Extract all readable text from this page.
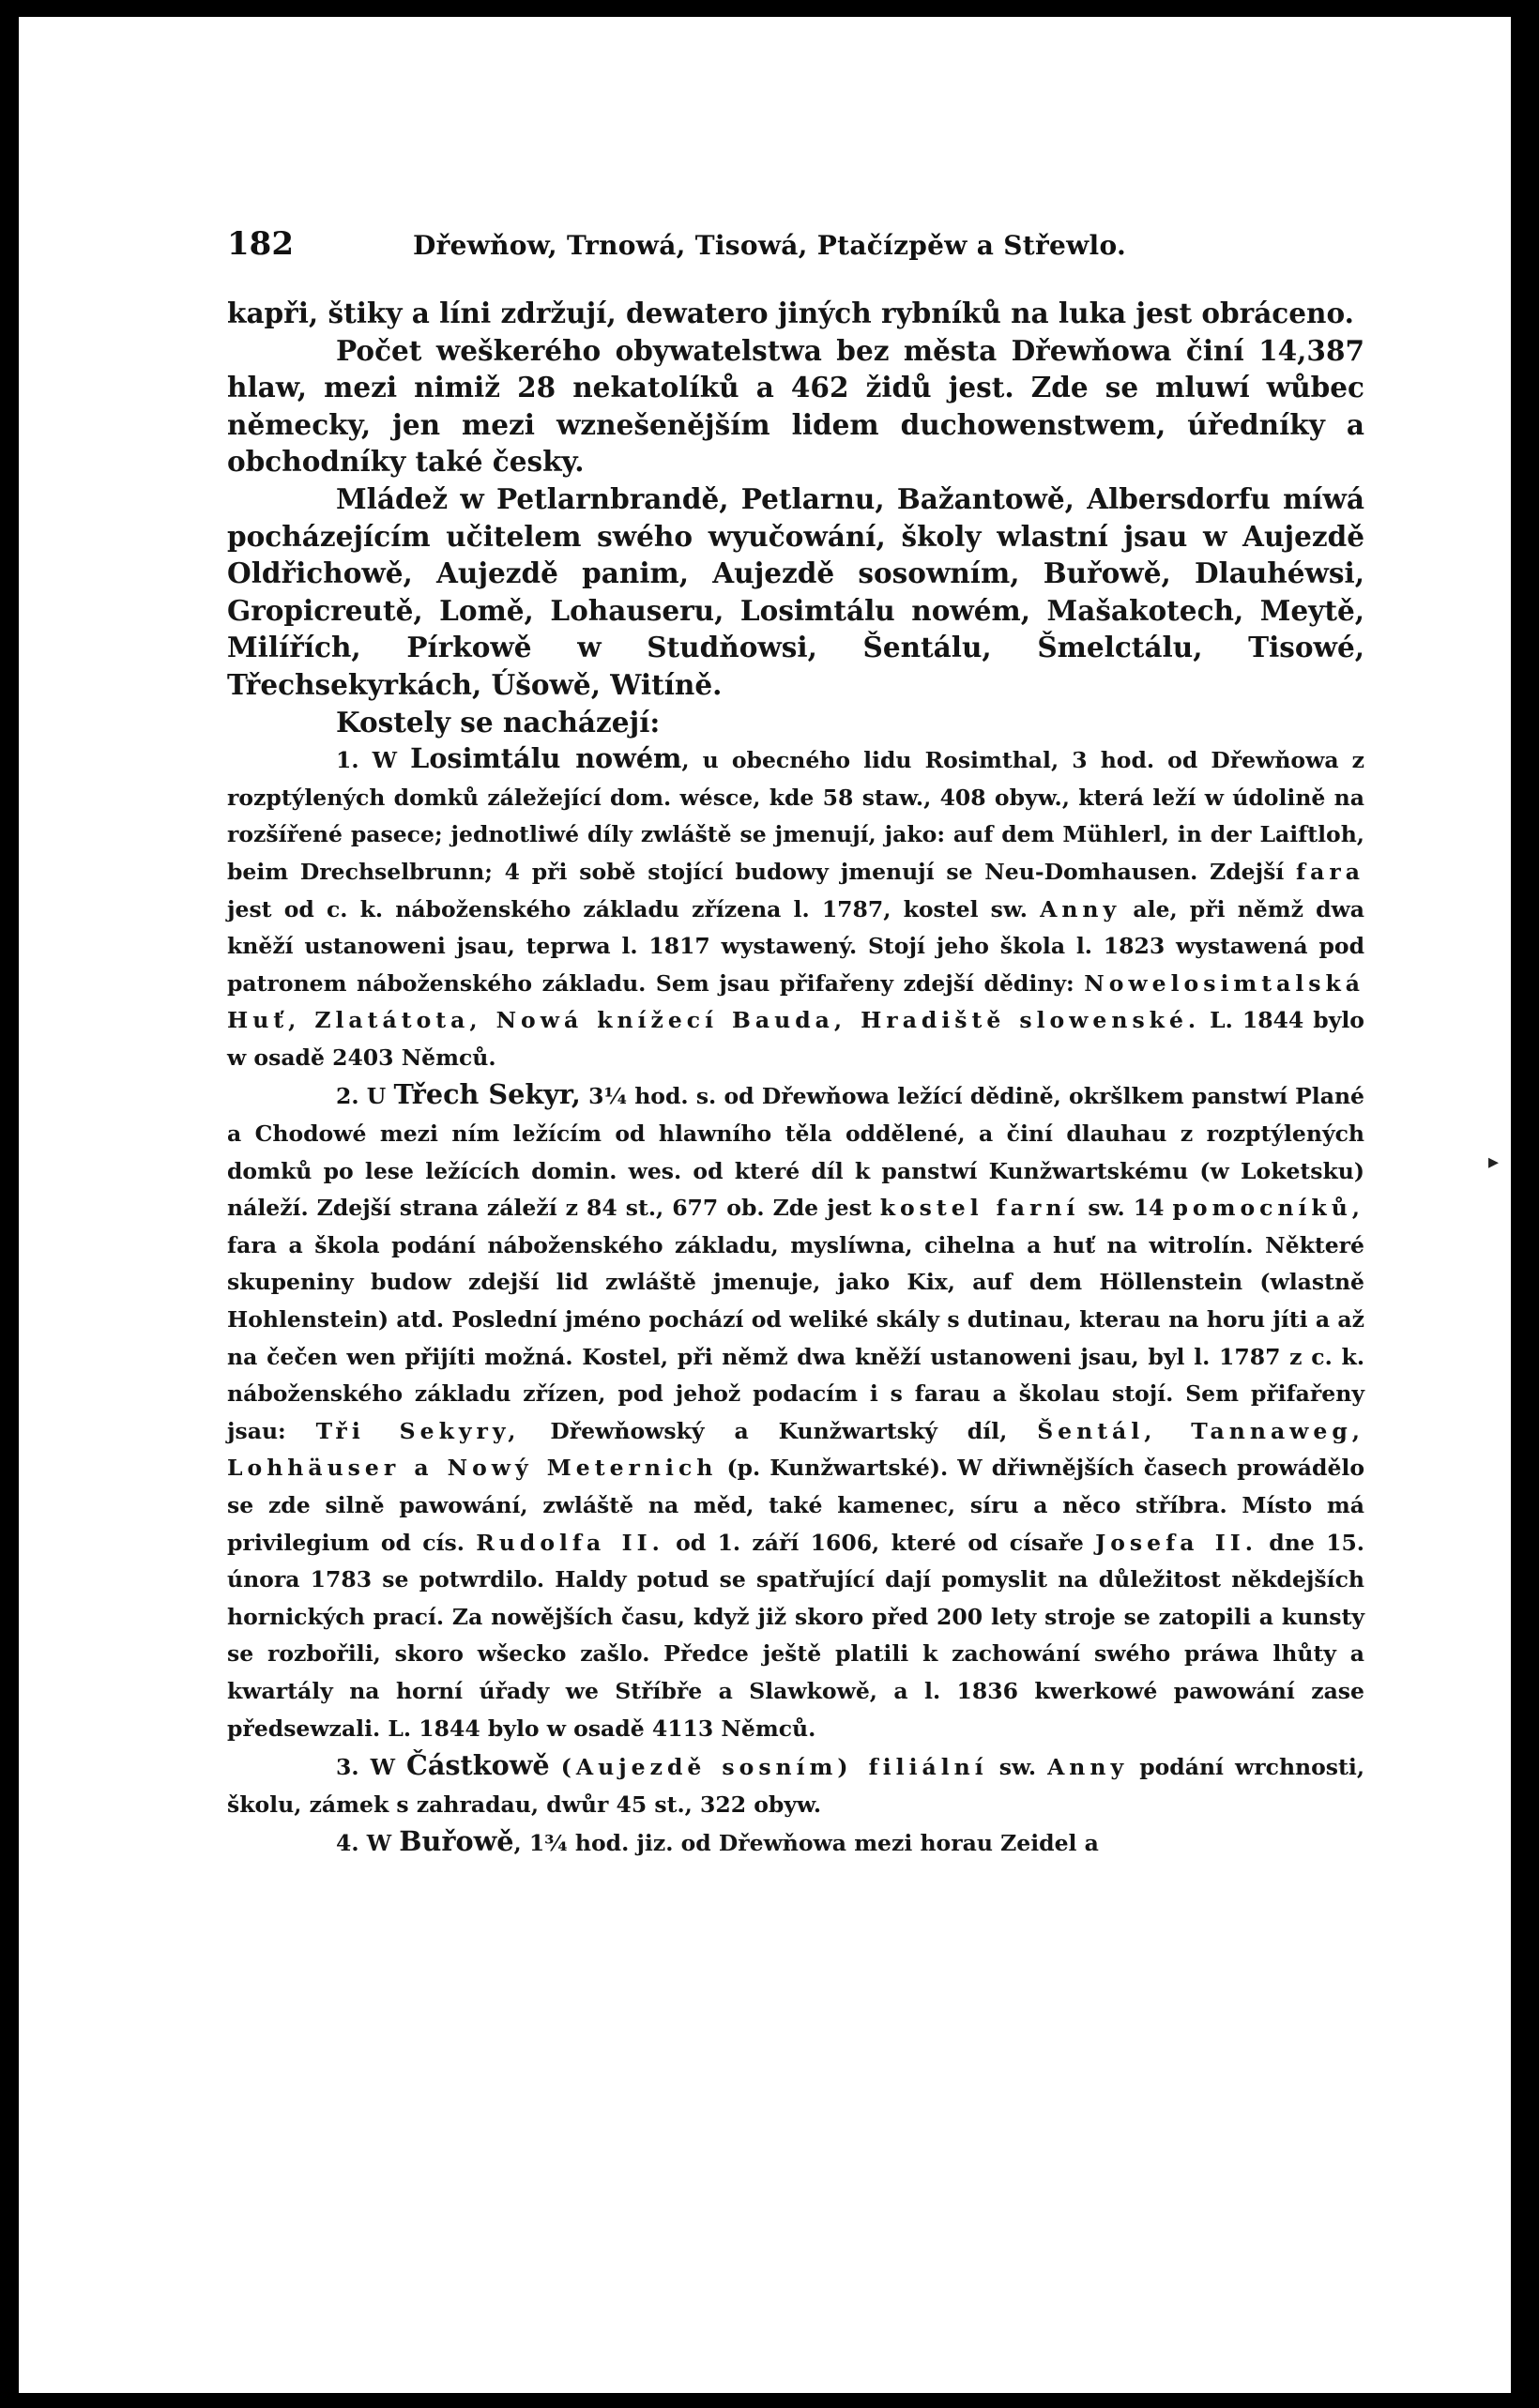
182	Dřewňow, Trnowá, Tisowá, Ptačízpěw a Střewlo.

kapři, štiky a líni zdržují, dewatero jiných rybníků na luka jest obráceno.

Počet weškerého obywatelstwa bez města Dřewňowa činí 14,387 hlaw, mezi nimiž 28 nekatolíků a 462 židů jest. Zde se mluwí wůbec německy, jen mezi wznešenějším lidem duchowenstwem, úředníky a obchodníky také česky.

Mládež w Petlarnbrandě, Petlarnu, Bažantowě, Albersdorfu míwá pocházejícím učitelem swého wyučowání, školy wlastní jsau w Aujezdě Oldřichowě, Aujezdě panim, Aujezdě sosowním, Buřowě, Dlauhéwsi, Gropicreutě, Lomě, Lohauseru, Losimtálu nowém, Mašakotech, Meytě, Milířích, Pírkowě w Studňowsi, Šentálu, Šmelctálu, Tisowé, Třechsekyrkách, Úšowě, Witíně.

Kostely se nacházejí:

1. W Losimtálu nowém, u obecného lidu Rosimthal, 3 hod. od Dřewňowa z rozptýlených domků záležející dom. wésce, kde 58 staw., 408 obyw., která leží w údolině na rozšířené pasece; jednotliwé díly zwláště se jmenují, jako: auf dem Mühlerl, in der Laiftloh, beim Drechselbrunn; 4 při sobě stojící budowy jmenují se Neu-Domhausen. Zdejší fara jest od c. k. náboženského základu zřízena l. 1787, kostel sw. Anny ale, při němž dwa kněží ustanoweni jsau, teprwa l. 1817 wystawený. Stojí jeho škola l. 1823 wystawená pod patronem náboženského základu. Sem jsau přifařeny zdejší dědiny: Nowelosimtalská Huť, Zlatátota, Nowá knížecí Bauda, Hradiště slowenské. L. 1844 bylo w osadě 2403 Němců.

2. U Třech Sekyr, 3¼ hod. s. od Dřewňowa ležící dědině, okršlkem panstwí Plané a Chodowé mezi ním ležícím od hlawního těla oddělené, a činí dlauhau z rozptýlených domků po lese ležících domin. wes. od které díl k panstwí Kunžwartskému (w Loketsku) náleží. Zdejší strana záleží z 84 st., 677 ob. Zde jest kostel farní sw. 14 pomocníků, fara a škola podání náboženského základu, myslíwna, cihelna a huť na witrolín. Některé skupeniny budow zdejší lid zwláště jmenuje, jako Kix, auf dem Höllenstein (wlastně Hohlenstein) atd. Poslední jméno pochází od weliké skály s dutinau, kterau na horu jíti a až na čečen wen přijíti možná. Kostel, při němž dwa kněží ustanoweni jsau, byl l. 1787 z c. k. náboženského základu zřízen, pod jehož podacím i s farau a školau stojí. Sem přifařeny jsau: Tři Sekyry, Dřewňowský a Kunžwartský díl, Šentál, Tannaweg, Lohhäuser a Nowý Meternich (p. Kunžwartské). W dřiwnějších časech prowádělo se zde silně pawowání, zwláště na měd, také kamenec, síru a něco stříbra. Místo má privilegium od cís. Rudolfa II. od 1. září 1606, které od císaře Josefa II. dne 15. února 1783 se potwrdilo. Haldy potud se spatřující dají pomyslit na důležitost někdejších hornických prací. Za nowějších času, když již skoro před 200 lety stroje se zatopili a kunsty se rozbořili, skoro wšecko zašlo. Předce ještě platili k zachowání swého práwa lhůty a kwartály na horní úřady we Stříbře a Slawkowě, a l. 1836 kwerkowé pawowání zase předsewzali. L. 1844 bylo w osadě 4113 Němců.

3. W Částkowě (Aujezdě sosním) filiální sw. Anny podání wrchnosti, školu, zámek s zahradau, dwůr 45 st., 322 obyw.

4. W Buřowě, 1¾ hod. jiz. od Dřewňowa mezi horau Zeidel a

▸
